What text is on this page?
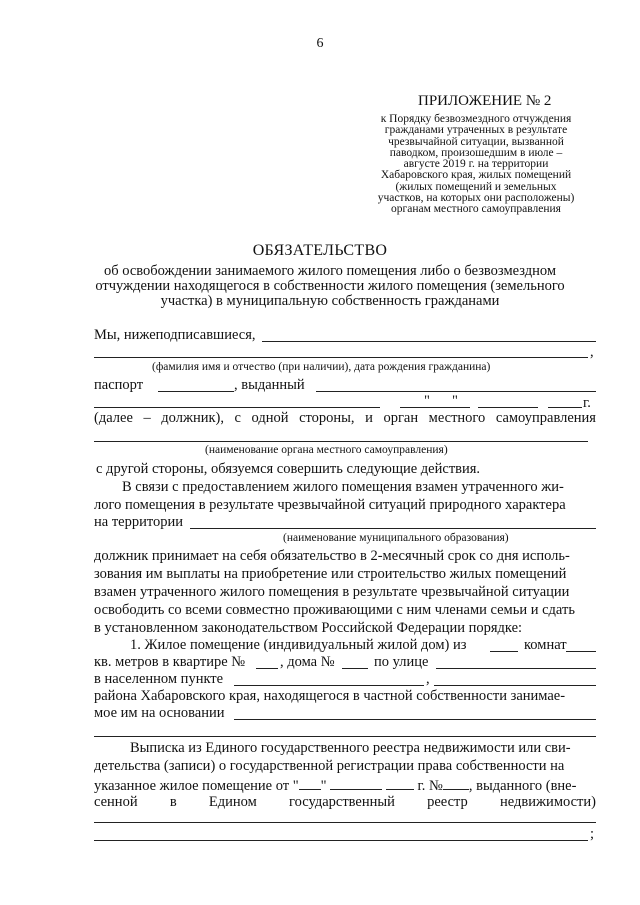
6
ПРИЛОЖЕНИЕ № 2
к Порядку безвозмездного отчуждения
гражданами утраченных в результате
чрезвычайной ситуации, вызванной
паводком, произошедшим в июле –
августе 2019 г. на территории
Хабаровского края, жилых помещений
(жилых помещений и земельных
участков, на которых они расположены)
органам местного самоуправления
ОБЯЗАТЕЛЬСТВО
об освобождении занимаемого жилого помещения либо о безвозмездном
отчуждении находящегося в собственности жилого помещения (земельного
участка) в муниципальную собственность гражданами
Мы, нижеподписавшиеся,
,
(фамилия имя и отчество (при наличии), дата рождения гражданина)
паспорт	, выданный
" "	г.
(далее – должник), с одной стороны, и орган местного самоуправления
(наименование органа местного самоуправления)
с другой стороны, обязуемся совершить следующие действия.
В связи с предоставлением жилого помещения взамен утраченного жи-
лого помещения в результате чрезвычайной ситуаций природного характера
на территории
(наименование муниципального образования)
должник принимает на себя обязательство в 2-месячный срок со дня исполь-
зования им выплаты на приобретение или строительство жилых помещений
взамен утраченного жилого помещения в результате чрезвычайной ситуации
освободить со всеми совместно проживающими с ним членами семьи и сдать
в установленном законодательством Российской Федерации порядке:
1. Жилое помещение (индивидуальный жилой дом) из	комнат
кв. метров в квартире № , дома №	по улице
в населенном пункте	,
района Хабаровского края, находящегося в частной собственности занимае-
мое им на основании
Выписка из Единого государственного реестра недвижимости или сви-
детельства (записи) о государственной регистрации права собственности на
указанное жилое помещение от " "	г. № , выданного (вне-
сенной в Едином государственный реестр недвижимости)
;
